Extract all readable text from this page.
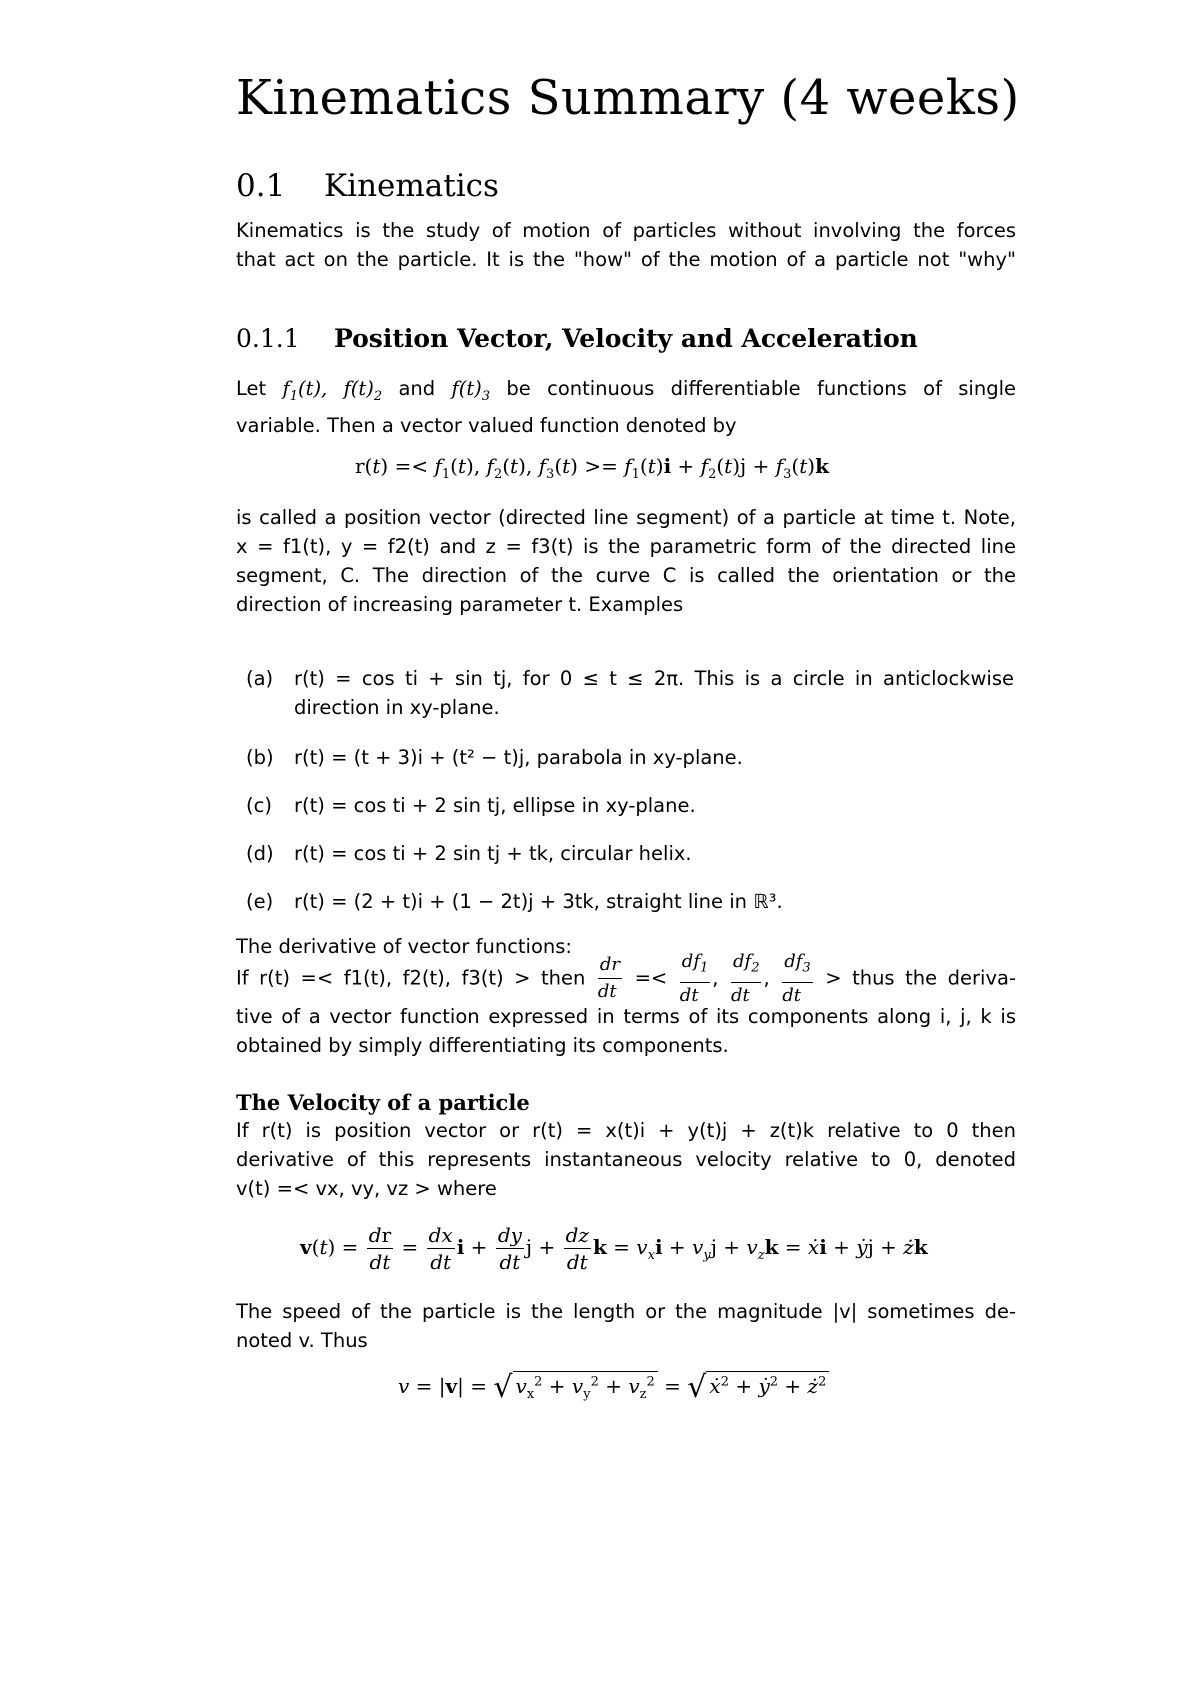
Kinematics Summary (4 weeks)
0.1 Kinematics
Kinematics is the study of motion of particles without involving the forces
that act on the particle. It is the "how" of the motion of a particle not "why"
0.1.1 Position Vector, Velocity and Acceleration
Let $f_1(t)$, $f(t)_2$ and $f(t)_3$ be continuous differentiable functions of single
variable. Then a vector valued function denoted by
$r(t) =< f_1(t)$, $f_2(t)$, $f_3(t) >= f_1(t)i + f_2(t)j + f_3(t)k$
is called a position vector (directed line segment) of a particle at time t. Note,
x = f1(t), y = f2(t) and z = f3(t) is the parametric form of the directed line
segment, C. The direction of the curve C is called the orientation or the
direction of increasing parameter t. Examples
(a)	r(t) = cos ti + sin tj, for 0 ≤ t ≤ 2π. This is a circle in anticlockwise direction in xy-plane.
(b)	r(t) = (t + 3)i + (t² − t)j, parabola in xy-plane.
(c)	r(t) = cos ti + 2 sin tj, ellipse in xy-plane.
(d)	r(t) = cos ti + 2 sin tj + tk, circular helix.
(e)	r(t) = (2 + t)i + (1 − 2t)j + 3tk, straight line in ℝ³.
The derivative of vector functions:
If r(t) =< f1(t), f2(t), f3(t) > then $\frac{dr}{dt} =< \frac{df_1}{dt}$ , $\frac{df_2}{dt}$ , $\frac{df_3}{dt}$ > thus the deriva-
tive of a vector function expressed in terms of its components along i, j, k is
obtained by simply differentiating its components.
The Velocity of a particle
If r(t) is position vector or r(t) = x(t)i + y(t)j + z(t)k relative to 0 then
derivative of this represents instantaneous velocity relative to 0, denoted
v(t) =< vx, vy, vz > where
$v(t) = \frac{dr}{dt} = \frac{dx}{dt}$ $i + \frac{dy}{dt}$ $j + \frac{dz}{dt}$ $k = v_xi + v_yj + v_zk$ = ẋi + ẏj + żk
The speed of the particle is the length or the magnitude |v| sometimes de-
noted v. Thus
v = |v| = √ $v_x^2 + v_y^2 + v_z^2$ = √ ẋ$^2$ + ẏ$^2$ + $ż^2$
